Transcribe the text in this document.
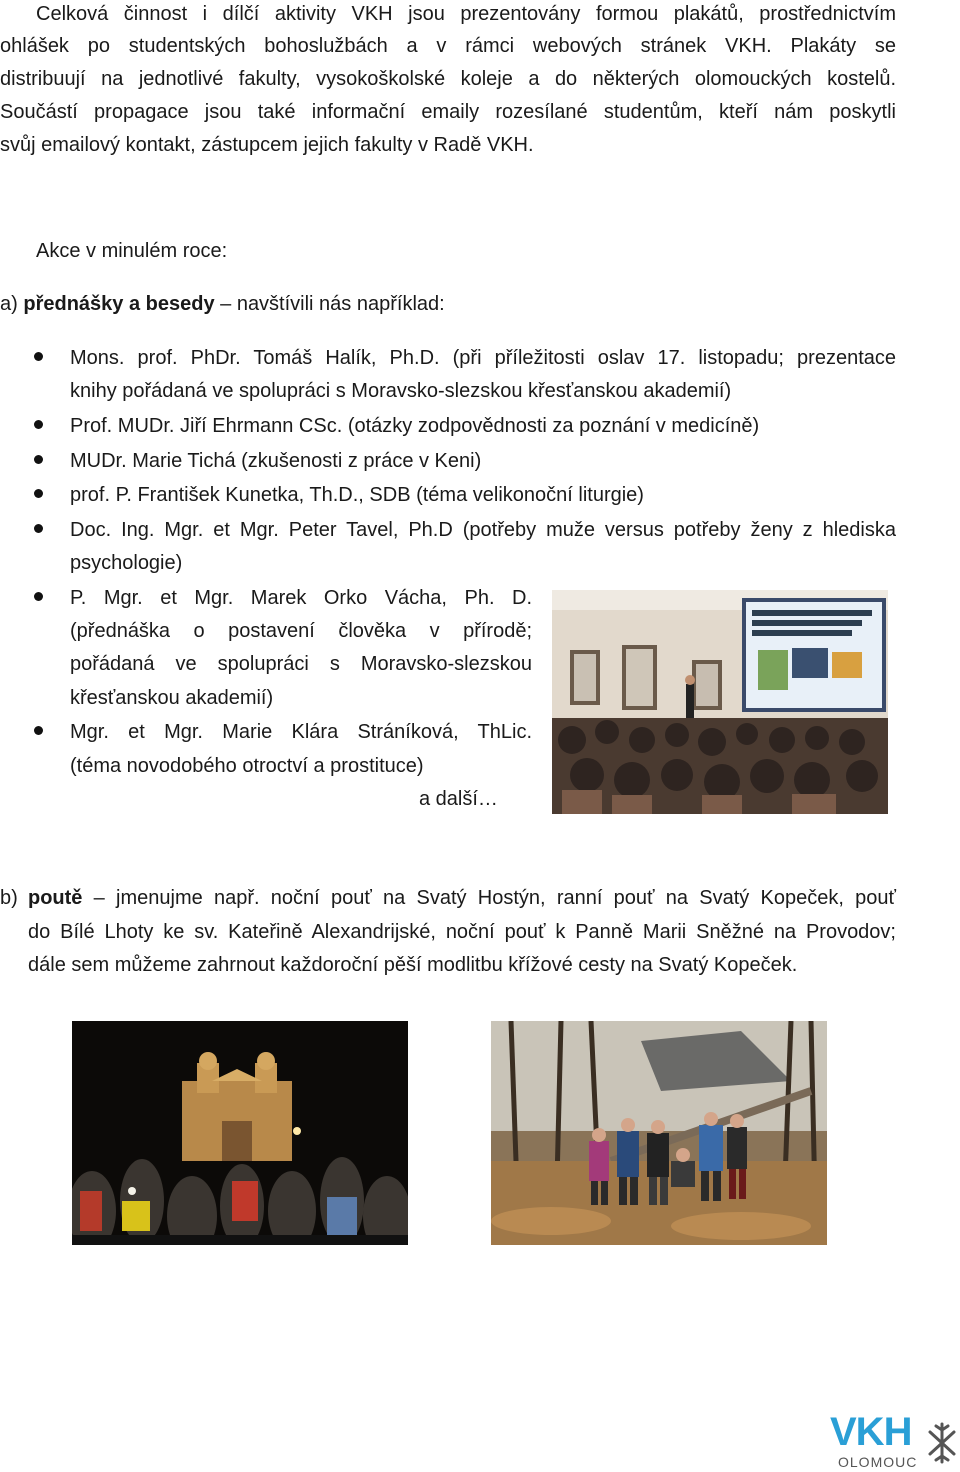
Celková činnost i dílčí aktivity VKH jsou prezentovány formou plakátů, prostřednictvím
ohlášek po studentských bohoslužbách a v rámci webových stránek VKH. Plakáty se
distribuují na jednotlivé fakulty, vysokoškolské koleje a do některých olomouckých kostelů.
Součástí propagace jsou také informační emaily rozesílané studentům, kteří nám poskytli
svůj emailový kontakt, zástupcem jejich fakulty v Radě VKH.
Akce v minulém roce:
a) přednášky a besedy – navštívili nás například:
Mons. prof. PhDr. Tomáš Halík, Ph.D. (při příležitosti oslav 17. listopadu; prezentace
knihy pořádaná ve spolupráci s Moravsko-slezskou křesťanskou akademií)
Prof. MUDr. Jiří Ehrmann CSc. (otázky zodpovědnosti za poznání v medicíně)
MUDr. Marie Tichá (zkušenosti z práce v Keni)
prof. P. František Kunetka, Th.D., SDB (téma velikonoční liturgie)
Doc. Ing. Mgr. et Mgr. Peter Tavel, Ph.D (potřeby muže versus potřeby ženy z hlediska
psychologie)
P. Mgr. et Mgr. Marek Orko Vácha, Ph. D.
(přednáška o postavení člověka v přírodě;
pořádaná ve spolupráci s Moravsko-slezskou
křesťanskou akademií)
Mgr. et Mgr. Marie Klára Stráníková, ThLic.
(téma novodobého otroctví a prostituce)
a další…
b) poutě – jmenujme např. noční pouť na Svatý Hostýn, ranní pouť na Svatý Kopeček, pouť
do Bílé Lhoty ke sv. Kateřině Alexandrijské, noční pouť k Panně Marii Sněžné na Provodov;
dále sem můžeme zahrnout každoroční pěší modlitbu křížové cesty na Svatý Kopeček.
VKH
OLOMOUC
